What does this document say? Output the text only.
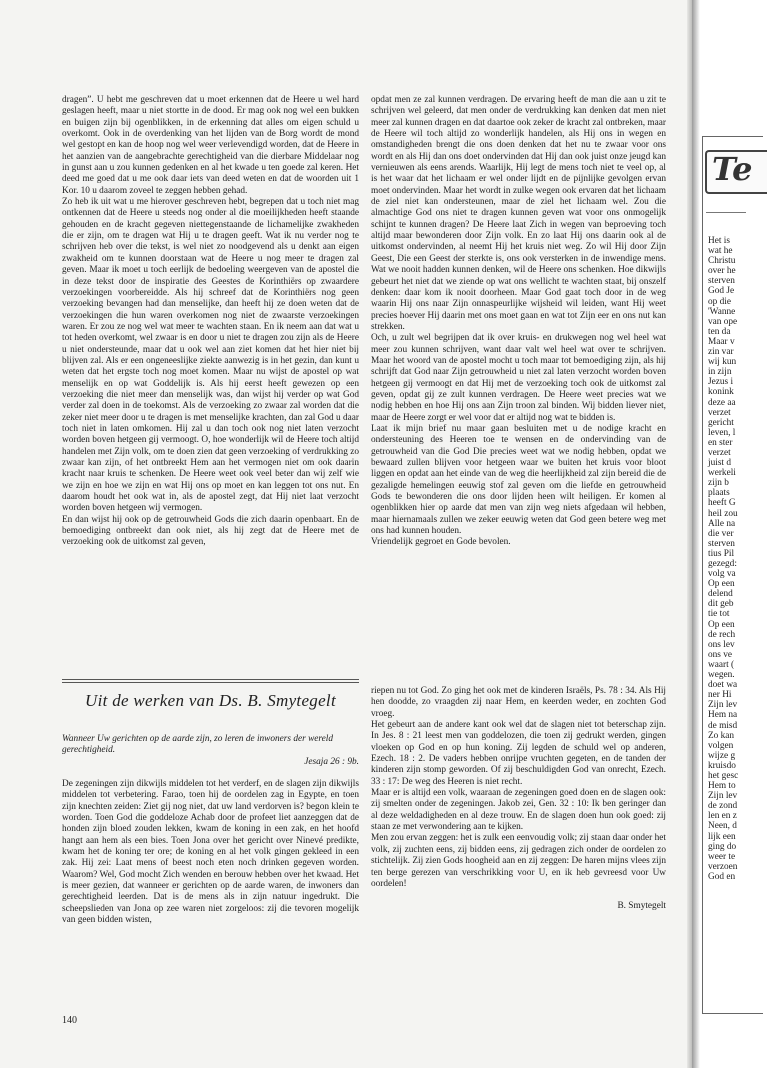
dragen”. U hebt me geschreven dat u moet erkennen dat de Heere u wel hard geslagen heeft, maar u niet stortte in de dood. Er mag ook nog wel een bukken en buigen zijn bij ogenblikken, in de erkenning dat alles om eigen schuld u overkomt. Ook in de overdenking van het lijden van de Borg wordt de mond wel gestopt en kan de hoop nog wel weer verlevendigd worden, dat de Heere in het aanzien van de aangebrachte gerechtigheid van die dierbare Middelaar nog in gunst aan u zou kunnen gedenken en al het kwade u ten goede zal keren. Het deed me goed dat u me ook daar iets van deed weten en dat de woorden uit 1 Kor. 10 u daarom zoveel te zeggen hebben gehad.

Zo heb ik uit wat u me hierover geschreven hebt, begrepen dat u toch niet mag ontkennen dat de Heere u steeds nog onder al die moeilijkheden heeft staande gehouden en de kracht gegeven niettegenstaande de lichamelijke zwakheden die er zijn, om te dragen wat Hij u te dragen geeft. Wat ik nu verder nog te schrijven heb over die tekst, is wel niet zo noodgevend als u denkt aan eigen zwakheid om te kunnen doorstaan wat de Heere u nog meer te dragen zal geven. Maar ik moet u toch eerlijk de bedoeling weergeven van de apostel die in deze tekst door de inspiratie des Geestes de Korinthiërs op zwaardere verzoekingen voorbereidde. Als hij schreef dat de Korinthiërs nog geen verzoeking bevangen had dan menselijke, dan heeft hij ze doen weten dat de verzoekingen die hun waren overkomen nog niet de zwaarste verzoekingen waren. Er zou ze nog wel wat meer te wachten staan. En ik neem aan dat wat u tot heden overkomt, wel zwaar is en door u niet te dragen zou zijn als de Heere u niet ondersteunde, maar dat u ook wel aan ziet komen dat het hier niet bij blijven zal. Als er een ongeneeslijke ziekte aanwezig is in het gezin, dan kunt u weten dat het ergste toch nog moet komen. Maar nu wijst de apostel op wat menselijk en op wat Goddelijk is. Als hij eerst heeft gewezen op een verzoeking die niet meer dan menselijk was, dan wijst hij verder op wat God verder zal doen in de toekomst. Als de verzoeking zo zwaar zal worden dat die zeker niet meer door u te dragen is met menselijke krachten, dan zal God u daar toch niet in laten omkomen. Hij zal u dan toch ook nog niet laten verzocht worden boven hetgeen gij vermoogt. O, hoe wonderlijk wil de Heere toch altijd handelen met Zijn volk, om te doen zien dat geen verzoeking of verdrukking zo zwaar kan zijn, of het ontbreekt Hem aan het vermogen niet om ook daarin kracht naar kruis te schenken. De Heere weet ook veel beter dan wij zelf wie we zijn en hoe we zijn en wat Hij ons op moet en kan leggen tot ons nut. En daarom houdt het ook wat in, als de apostel zegt, dat Hij niet laat verzocht worden boven hetgeen wij vermogen.

En dan wijst hij ook op de getrouwheid Gods die zich daarin openbaart. En de bemoediging ontbreekt dan ook niet, als hij zegt dat de Heere met de verzoeking ook de uitkomst zal geven,

opdat men ze zal kunnen verdragen. De ervaring heeft de man die aan u zit te schrijven wel geleerd, dat men onder de verdrukking kan denken dat men niet meer zal kunnen dragen en dat daartoe ook zeker de kracht zal ontbreken, maar de Heere wil toch altijd zo wonderlijk handelen, als Hij ons in wegen en omstandigheden brengt die ons doen denken dat het nu te zwaar voor ons wordt en als Hij dan ons doet ondervinden dat Hij dan ook juist onze jeugd kan vernieuwen als eens arends. Waarlijk, Hij legt de mens toch niet te veel op, al is het waar dat het lichaam er wel onder lijdt en de pijnlijke gevolgen ervan moet ondervinden. Maar het wordt in zulke wegen ook ervaren dat het lichaam de ziel niet kan ondersteunen, maar de ziel het lichaam wel. Zou die almachtige God ons niet te dragen kunnen geven wat voor ons onmogelijk schijnt te kunnen dragen? De Heere laat Zich in wegen van beproeving toch altijd maar bewonderen door Zijn volk. En zo laat Hij ons daarin ook al de uitkomst ondervinden, al neemt Hij het kruis niet weg. Zo wil Hij door Zijn Geest, Die een Geest der sterkte is, ons ook versterken in de inwendige mens. Wat we nooit hadden kunnen denken, wil de Heere ons schenken. Hoe dikwijls gebeurt het niet dat we ziende op wat ons wellicht te wachten staat, bij onszelf denken: daar kom ik nooit doorheen. Maar God gaat toch door in de weg waarin Hij ons naar Zijn onnaspeurlijke wijsheid wil leiden, want Hij weet precies hoever Hij daarin met ons moet gaan en wat tot Zijn eer en ons nut kan strekken.

Och, u zult wel begrijpen dat ik over kruis- en drukwegen nog wel heel wat meer zou kunnen schrijven, want daar valt wel heel wat over te schrijven. Maar het woord van de apostel mocht u toch maar tot bemoediging zijn, als hij schrijft dat God naar Zijn getrouwheid u niet zal laten verzocht worden boven hetgeen gij vermoogt en dat Hij met de verzoeking toch ook de uitkomst zal geven, opdat gij ze zult kunnen verdragen. De Heere weet precies wat we nodig hebben en hoe Hij ons aan Zijn troon zal binden. Wij bidden liever niet, maar de Heere zorgt er wel voor dat er altijd nog wat te bidden is.

Laat ik mijn brief nu maar gaan besluiten met u de nodige kracht en ondersteuning des Heeren toe te wensen en de ondervinding van de getrouwheid van die God Die precies weet wat we nodig hebben, opdat we bewaard zullen blijven voor hetgeen waar we buiten het kruis voor bloot liggen en opdat aan het einde van de weg die heerlijkheid zal zijn bereid die de gezaligde hemelingen eeuwig stof zal geven om die liefde en getrouwheid Gods te bewonderen die ons door lijden heen wilt heiligen. Er komen al ogenblikken hier op aarde dat men van zijn weg niets afgedaan wil hebben, maar hiernamaals zullen we zeker eeuwig weten dat God geen betere weg met ons had kunnen houden.

Vriendelijk gegroet en Gode bevolen.

Uit de werken van Ds. B. Smytegelt

Wanneer Uw gerichten op de aarde zijn, zo leren de inwoners der wereld gerechtigheid.

Jesaja 26 : 9b.

De zegeningen zijn dikwijls middelen tot het verderf, en de slagen zijn dikwijls middelen tot verbetering. Farao, toen hij de oordelen zag in Egypte, en toen zijn knechten zeiden: Ziet gij nog niet, dat uw land verdorven is? begon klein te worden. Toen God die goddeloze Achab door de profeet liet aanzeggen dat de honden zijn bloed zouden lekken, kwam de koning in een zak, en het hoofd hangt aan hem als een bies. Toen Jona over het gericht over Ninevé predikte, kwam het de koning ter ore; de koning en al het volk gingen gekleed in een zak. Hij zei: Laat mens of beest noch eten noch drinken gegeven worden. Waarom? Wel, God mocht Zich wenden en berouw hebben over het kwaad. Het is meer gezien, dat wanneer er gerichten op de aarde waren, de inwoners dan gerechtigheid leerden. Dat is de mens als in zijn natuur ingedrukt. Die scheepslieden van Jona op zee waren niet zorgeloos: zij die tevoren mogelijk van geen bidden wisten,

riepen nu tot God. Zo ging het ook met de kinderen Israëls, Ps. 78 : 34. Als Hij hen doodde, zo vraagden zij naar Hem, en keerden weder, en zochten God vroeg.

Het gebeurt aan de andere kant ook wel dat de slagen niet tot beterschap zijn. In Jes. 8 : 21 leest men van goddelozen, die toen zij gedrukt werden, gingen vloeken op God en op hun koning. Zij legden de schuld wel op anderen, Ezech. 18 : 2. De vaders hebben onrijpe vruchten gegeten, en de tanden der kinderen zijn stomp geworden. Of zij beschuldigden God van onrecht, Ezech. 33 : 17: De weg des Heeren is niet recht.

Maar er is altijd een volk, waaraan de zegeningen goed doen en de slagen ook: zij smelten onder de zegeningen. Jakob zei, Gen. 32 : 10: Ik ben geringer dan al deze weldadigheden en al deze trouw. En de slagen doen hun ook goed: zij staan ze met verwondering aan te kijken.

Men zou ervan zeggen: het is zulk een eenvoudig volk; zij staan daar onder het volk, zij zuchten eens, zij bidden eens, zij gedragen zich onder de oordelen zo stichtelijk. Zij zien Gods hoogheid aan en zij zeggen: De haren mijns vlees zijn ten berge gerezen van verschrikking voor U, en ik heb gevreesd voor Uw oordelen!

B. Smytegelt

140
Te
Het is
wat he
Christu
over he
sterven
God Je
op die
'Wanne
van ope
ten da
Maar v
zin var
wij kun
in zijn
Jezus i
konink
deze aa
verzet
gericht
leven, l
en ster
verzet
juist d
werkeli
zijn b
plaats
heeft G
heil zou
Alle na
die ver
sterven
tius Pil
gezegd:
volg va
Op een
delend
dit geb
tie tot
Op een
de rech
ons lev
ons ve
waart (
wegen.
doet wa
ner Hi
Zijn lev
Hem na
de misd
Zo kan
volgen
wijze g
kruisdo
het gesc
Hem to
Zijn lev
de zond
len en z
Neen, d
lijk een
ging do
weer te
verzoen
God en
